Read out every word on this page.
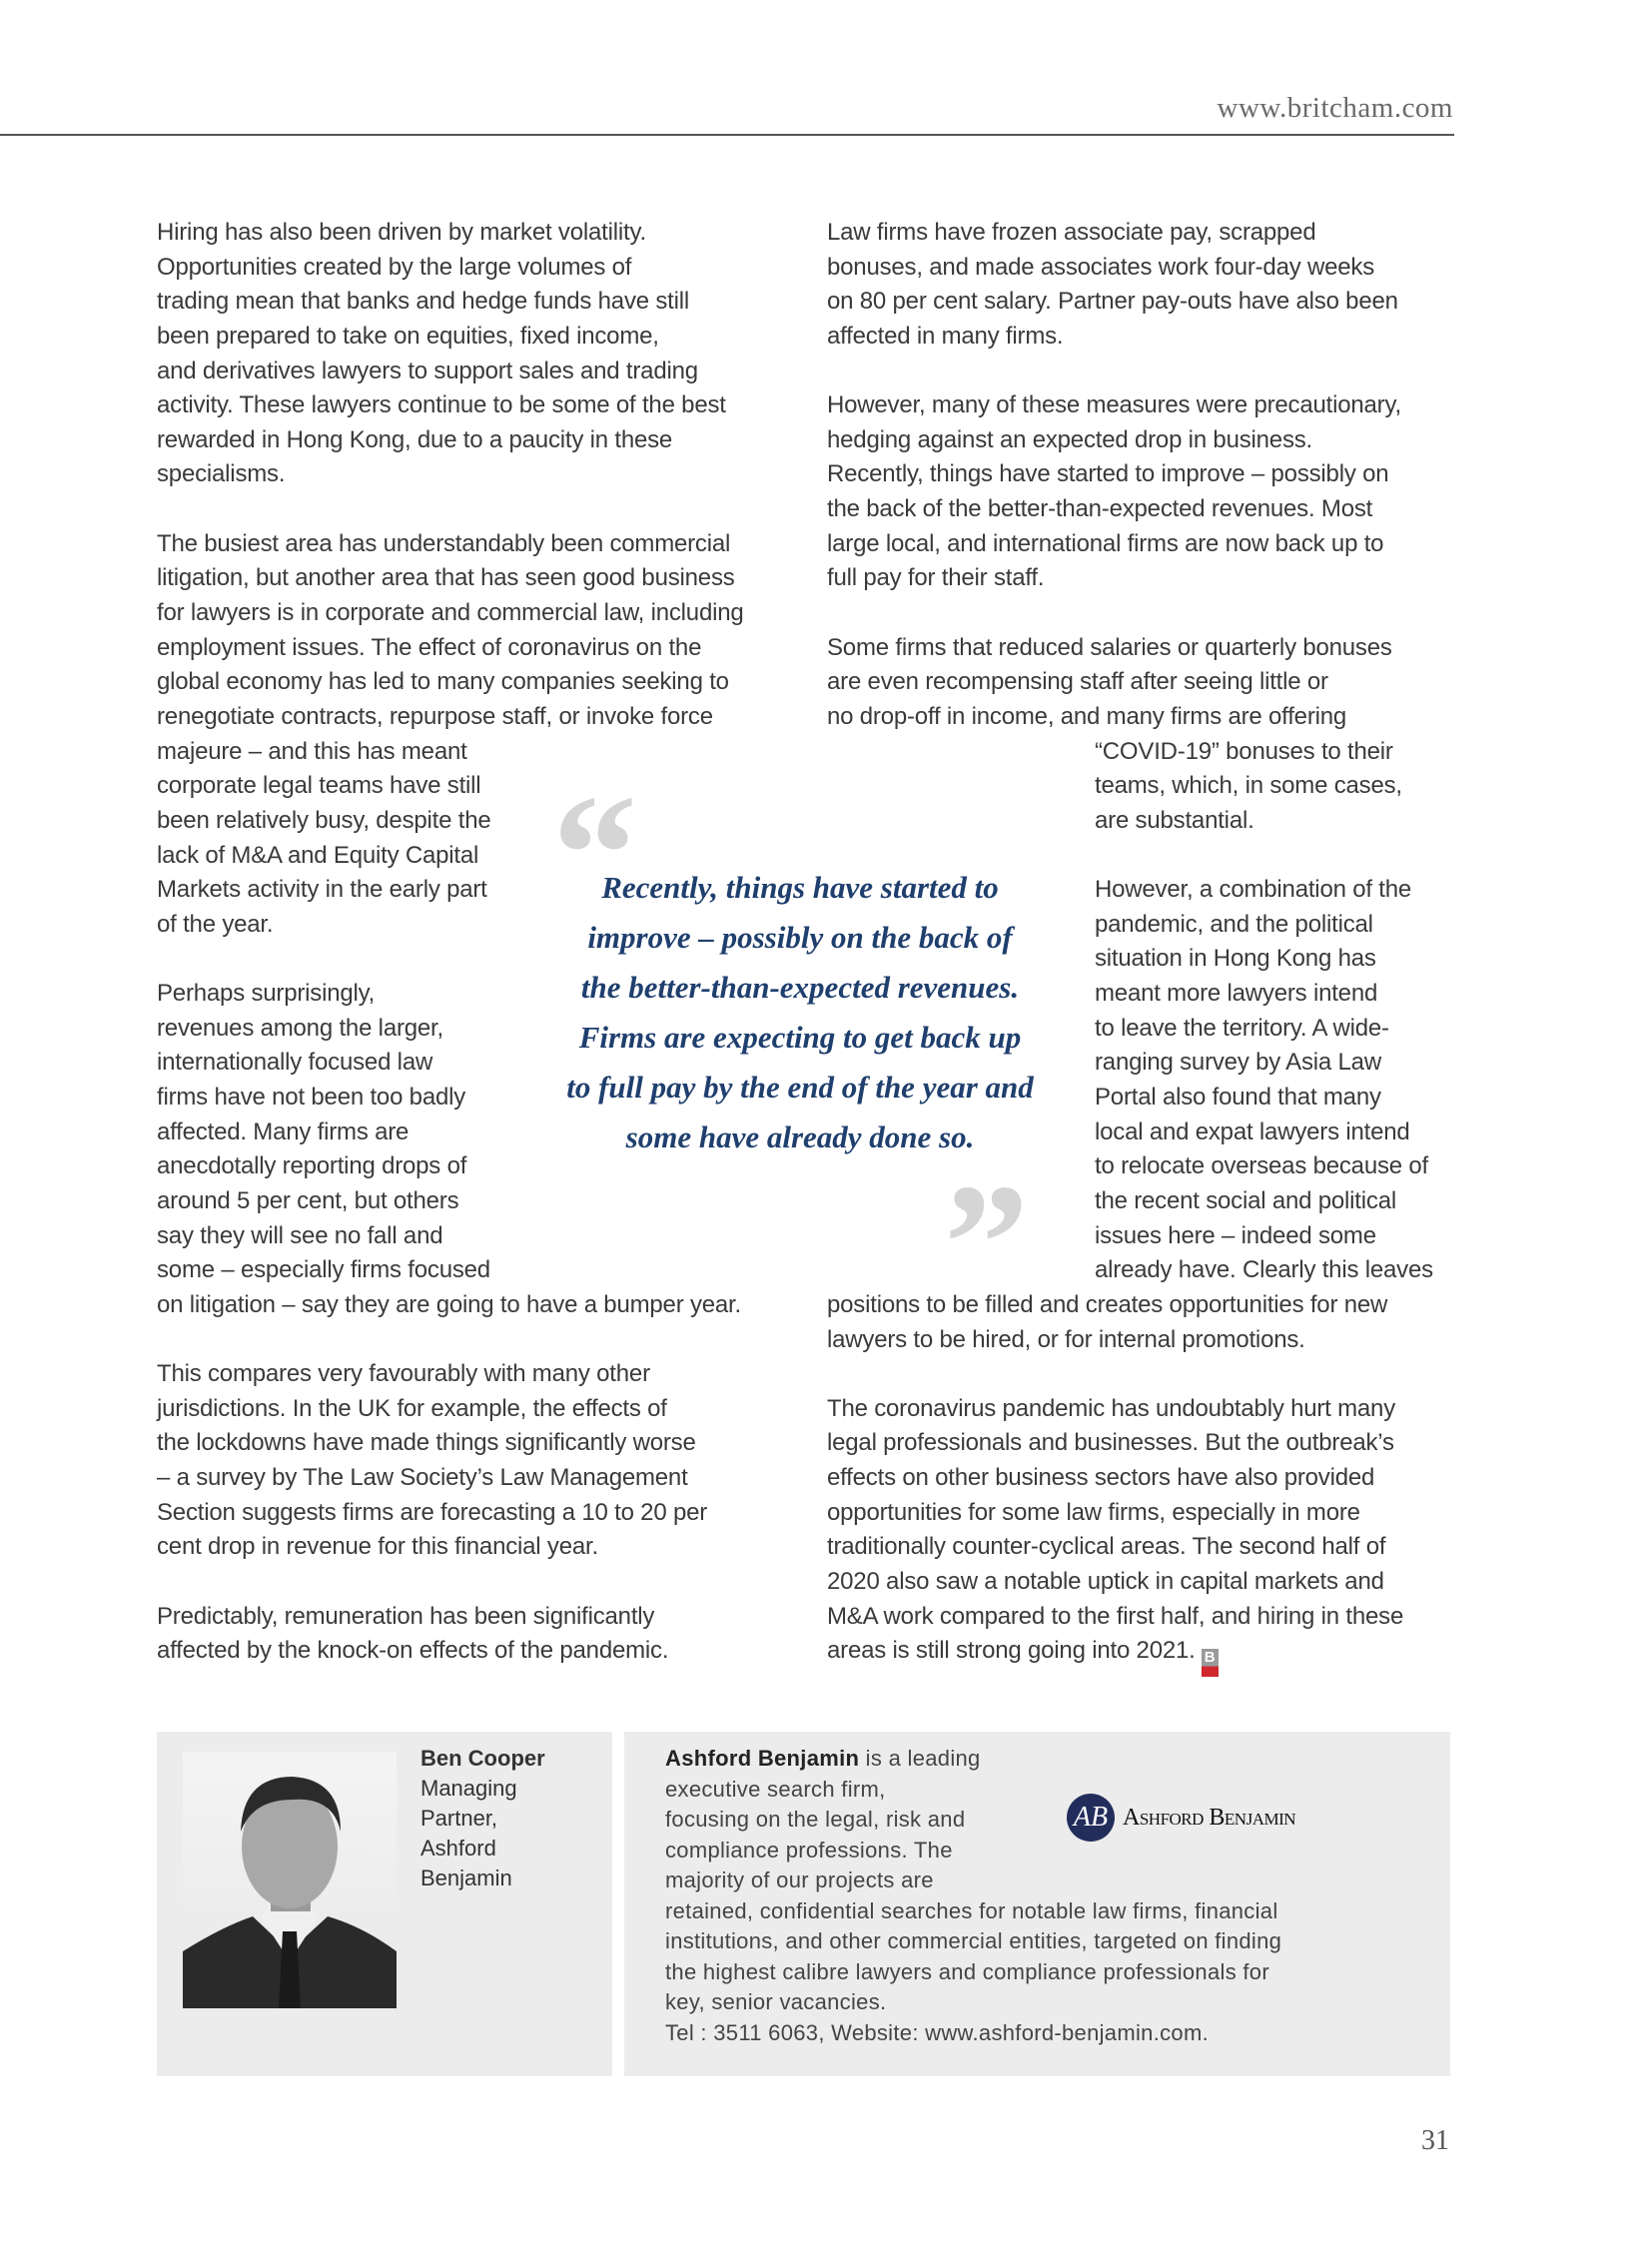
www.britcham.com
Hiring has also been driven by market volatility.
Opportunities created by the large volumes of
trading mean that banks and hedge funds have still
been prepared to take on equities, fixed income,
and derivatives lawyers to support sales and trading
activity. These lawyers continue to be some of the best
rewarded in Hong Kong, due to a paucity in these
specialisms.
The busiest area has understandably been commercial
litigation, but another area that has seen good business
for lawyers is in corporate and commercial law, including
employment issues. The effect of coronavirus on the
global economy has led to many companies seeking to
renegotiate contracts, repurpose staff, or invoke force
majeure – and this has meant
corporate legal teams have still
been relatively busy, despite the
lack of M&A and Equity Capital
Markets activity in the early part
of the year.
Perhaps surprisingly,
revenues among the larger,
internationally focused law
firms have not been too badly
affected. Many firms are
anecdotally reporting drops of
around 5 per cent, but others
say they will see no fall and
some – especially firms focused
on litigation – say they are going to have a bumper year.
This compares very favourably with many other
jurisdictions. In the UK for example, the effects of
the lockdowns have made things significantly worse
– a survey by The Law Society’s Law Management
Section suggests firms are forecasting a 10 to 20 per
cent drop in revenue for this financial year.
Predictably, remuneration has been significantly
affected by the knock-on effects of the pandemic.
Law firms have frozen associate pay, scrapped
bonuses, and made associates work four-day weeks
on 80 per cent salary. Partner pay-outs have also been
affected in many firms.
However, many of these measures were precautionary,
hedging against an expected drop in business.
Recently, things have started to improve – possibly on
the back of the better-than-expected revenues. Most
large local, and international firms are now back up to
full pay for their staff.
Some firms that reduced salaries or quarterly bonuses
are even recompensing staff after seeing little or
no drop-off in income, and many firms are offering
“COVID-19” bonuses to their
teams, which, in some cases,
are substantial.
However, a combination of the
pandemic, and the political
situation in Hong Kong has
meant more lawyers intend
to leave the territory. A wide-
ranging survey by Asia Law
Portal also found that many
local and expat lawyers intend
to relocate overseas because of
the recent social and political
issues here – indeed some
already have. Clearly this leaves
positions to be filled and creates opportunities for new
lawyers to be hired, or for internal promotions.
The coronavirus pandemic has undoubtably hurt many
legal professionals and businesses. But the outbreak’s
effects on other business sectors have also provided
opportunities for some law firms, especially in more
traditionally counter-cyclical areas. The second half of
2020 also saw a notable uptick in capital markets and
M&A work compared to the first half, and hiring in these
areas is still strong going into 2021. B
“
”
Recently, things have started to
improve – possibly on the back of
the better-than-expected revenues.
Firms are expecting to get back up
to full pay by the end of the year and
some have already done so.
Ben Cooper
Managing
Partner,
Ashford
Benjamin
Ashford Benjamin is a leading
executive search firm,
focusing on the legal, risk and
compliance professions. The
majority of our projects are
retained, confidential searches for notable law firms, financial
institutions, and other commercial entities, targeted on finding
the highest calibre lawyers and compliance professionals for
key, senior vacancies.
Tel : 3511 6063, Website: www.ashford-benjamin.com.
AB Ashford Benjamin
31
